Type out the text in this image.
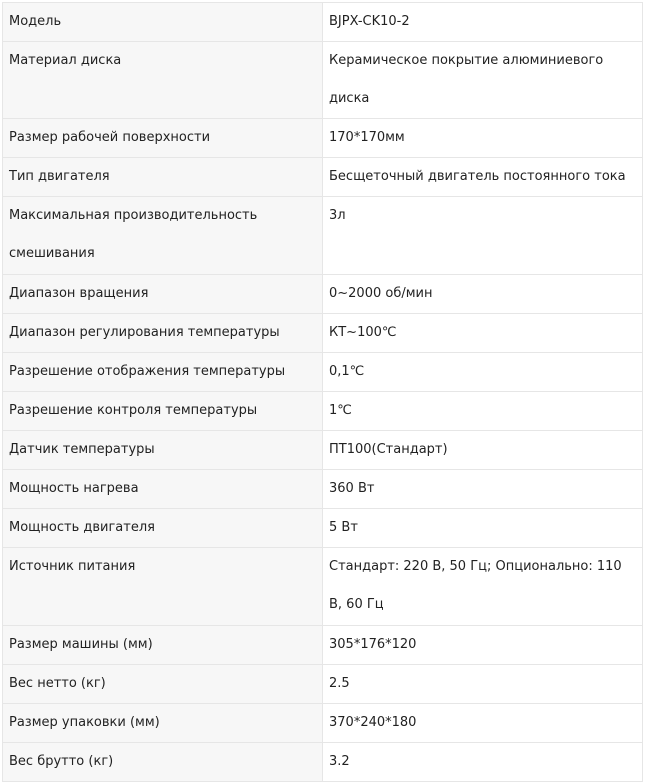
Модель	BJPX-CK10-2

Материал диска	Керамическое покрытие алюминиевого диска

Размер рабочей поверхности	170*170мм

Тип двигателя	Бесщеточный двигатель постоянного тока

Максимальная производительность смешивания	3л

Диапазон вращения	0~2000 об/мин

Диапазон регулирования температуры	КТ~100℃

Разрешение отображения температуры	0,1℃

Разрешение контроля температуры	1℃

Датчик температуры	ПТ100(Стандарт)

Мощность нагрева	360 Вт

Мощность двигателя	5 Вт

Источник питания	Стандарт: 220 В, 50 Гц; Опционально: 110 В, 60 Гц

Размер машины (мм)	305*176*120

Вес нетто (кг)	2.5

Размер упаковки (мм)	370*240*180

Вес брутто (кг)	3.2
